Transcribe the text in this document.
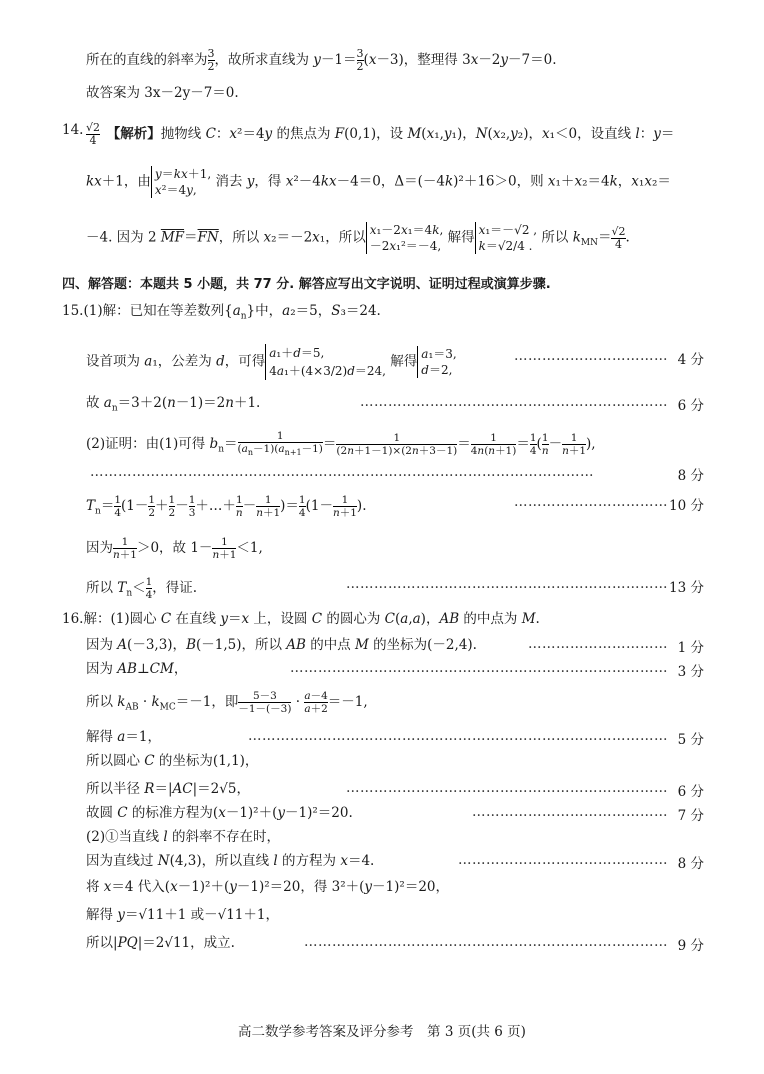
所在的直线的斜率为 $\frac{3}{2}$ ，故所求直线为 $y-1= \frac{3}{2} (x-3)$，整理得 3x－2y－7＝0.
故答案为 3x－2y－7＝0.
14. $\frac{√2}{4}$
　 【解析】抛物线 C：x²＝4y 的焦点为 F(0,1)，设 M(x₁,y₁)，N(x₂,y₂)，x₁＜0，设直线 l：y＝
kx＋1，由 y＝kx＋1,
x²＝4y,
消去 y，得 x²－4kx－4＝0，Δ＝(－4k)²＋16＞0，则 x₁＋x₂＝4k，x₁x₂＝
－4. 因为 2 $\overline{MF}=\overline{FN}$，所以 x₂＝－2x₁，所以 x₁－2x₁＝4k,
－2x₁²＝－4,
解得 x₁＝－√2 ,
k＝√2/4 .
所以 $k_{MN}= \frac{√2}{4}$ .
四、解答题：本题共 5 小题，共 77 分. 解答应写出文字说明、证明过程或演算步骤.
15.(1)解：已知在等差数列$\{a_n\}$中，a₂＝5，S₃＝24.
设首项为 a₁，公差为 d，可得
a₁＋d＝5,
4a₁＋(4×3/2)d＝24,
解得 a₁＝3,
d＝2,
…………………………… 4 分
故 $a_n=3+2(n-1)=2n+1$.	………………………………………………………… 6 分
(2)证明：由(1)可得 $b_n= \frac{1}{(a_n-1)(a_{n+1}-1)} = \frac{1}{(2n+1-1)\times(2n+3-1)} = \frac{1}{4n(n+1)} = \frac{1}{4}$ ( $\frac{1}{n} - \frac{1}{n+1}$ ),
………………………………………………………………………………………………	8 分
$T_n= \frac{1}{4} (1- \frac{1}{2} + \frac{1}{2} - \frac{1}{3}$ ＋…＋ $\frac{1}{n} - \frac{1}{n+1}$ )＝ $\frac{1}{4} (1- \frac{1}{n+1}$ ).	…………………………… 10 分
因为 $\frac{1}{n+1} >0$，故 $1- \frac{1}{n+1} <1$,
所以 $T_n< \frac{1}{4}$ ，得证.	…………………………………………………………… 13 分
16.解：(1)圆心 C 在直线 y＝x 上，设圆 C 的圆心为 C(a,a)，AB 的中点为 M.
因为 A(－3,3)，B(－1,5)，所以 AB 的中点 M 的坐标为(－2,4).	………………………… 1 分
因为 AB⊥CM，	……………………………………………………………………… 3 分
所以 $k_{AB} \cdot k_{MC}=-1$，即 $\frac{5-3}{-1-(-3)} \cdot \frac{a-4}{a+2} =-1$,
解得 a＝1，	……………………………………………………………………………… 5 分
所以圆心 C 的坐标为(1,1)，
所以半径 R＝|AC|＝2√5，	…………………………………………………………… 6 分
故圆 C 的标准方程为(x－1)²＋(y－1)²＝20.	…………………………………… 7 分
(2)①当直线 l 的斜率不存在时，
因为直线过 N(4,3)，所以直线 l 的方程为 x＝4.	……………………………………… 8 分
将 x＝4 代入(x－1)²＋(y－1)²＝20，得 3²＋(y－1)²＝20，
解得 y＝√11＋1 或－√11＋1，
所以|PQ|＝2√11，成立.	…………………………………………………………………… 9 分
高二数学参考答案及评分参考　第 3 页(共 6 页)
